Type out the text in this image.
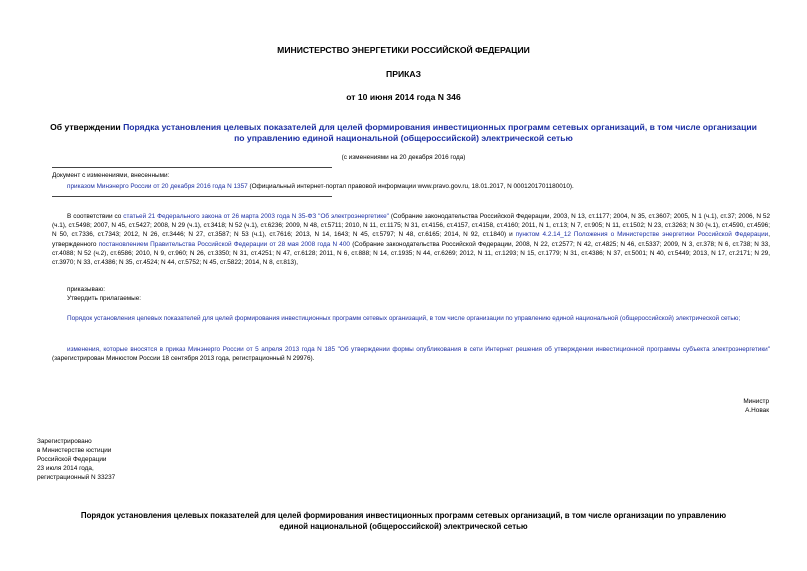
МИНИСТЕРСТВО ЭНЕРГЕТИКИ РОССИЙСКОЙ ФЕДЕРАЦИИ
ПРИКАЗ
от 10 июня 2014 года N 346
Об утверждении Порядка установления целевых показателей для целей формирования инвестиционных программ сетевых организаций, в том числе организации
по управлению единой национальной (общероссийской) электрической сетью
(с изменениями на 20 декабря 2016 года)
Документ с изменениями, внесенными:
приказом Минэнерго России от 20 декабря 2016 года N 1357 (Официальный интернет-портал правовой информации www.pravo.gov.ru, 18.01.2017, N 0001201701180010).
В соответствии со статьей 21 Федерального закона от 26 марта 2003 года N 35-ФЗ "Об электроэнергетике" (Собрание законодательства Российской Федерации, 2003, N 13, ст.1177; 2004, N 35, ст.3607; 2005, N 1 (ч.1), ст.37; 2006, N 52 (ч.1), ст.5498; 2007, N 45, ст.5427; 2008, N 29 (ч.1), ст.3418; N 52 (ч.1), ст.6236; 2009, N 48, ст.5711; 2010, N 11, ст.1175; N 31, ст.4156, ст.4157, ст.4158, ст.4160; 2011, N 1, ст.13; N 7, ст.905; N 11, ст.1502; N 23, ст.3263; N 30 (ч.1), ст.4590, ст.4596; N 50, ст.7336, ст.7343; 2012, N 26, ст.3446; N 27, ст.3587; N 53 (ч.1), ст.7616; 2013, N 14, 1643; N 45, ст.5797; N 48, ст.6165; 2014, N 92, ст.1840) и пунктом 4.2.14_12 Положения о Министерстве энергетики Российской Федерации, утвержденного постановлением Правительства Российской Федерации от 28 мая 2008 года N 400 (Собрание законодательства Российской Федерации, 2008, N 22, ст.2577; N 42, ст.4825; N 46, ст.5337; 2009, N 3, ст.378; N 6, ст.738; N 33, ст.4088; N 52 (ч.2), ст.6586; 2010, N 9, ст.960; N 26, ст.3350; N 31, ст.4251; N 47, ст.6128; 2011, N 6, ст.888; N 14, ст.1935; N 44, ст.6269; 2012, N 11, ст.1293; N 15, ст.1779; N 31, ст.4386; N 37, ст.5001; N 40, ст.5449; 2013, N 17, ст.2171; N 29, ст.3970; N 33, ст.4386; N 35, ст.4524; N 44, ст.5752; N 45, ст.5822; 2014, N 8, ст.813),
приказываю:
Утвердить прилагаемые:
Порядок установления целевых показателей для целей формирования инвестиционных программ сетевых организаций, в том числе организации по управлению единой национальной (общероссийской) электрической сетью;
изменения, которые вносятся в приказ Минэнерго России от 5 апреля 2013 года N 185 "Об утверждении формы опубликования в сети Интернет решения об утверждении инвестиционной программы субъекта электроэнергетики" (зарегистрирован Минюстом России 18 сентября 2013 года, регистрационный N 29976).
Министр
А.Новак
Зарегистрировано
в Министерстве юстиции
Российской Федерации
23 июля 2014 года,
регистрационный N 33237
Порядок установления целевых показателей для целей формирования инвестиционных программ сетевых организаций, в том числе организации по управлению
единой национальной (общероссийской) электрической сетью
